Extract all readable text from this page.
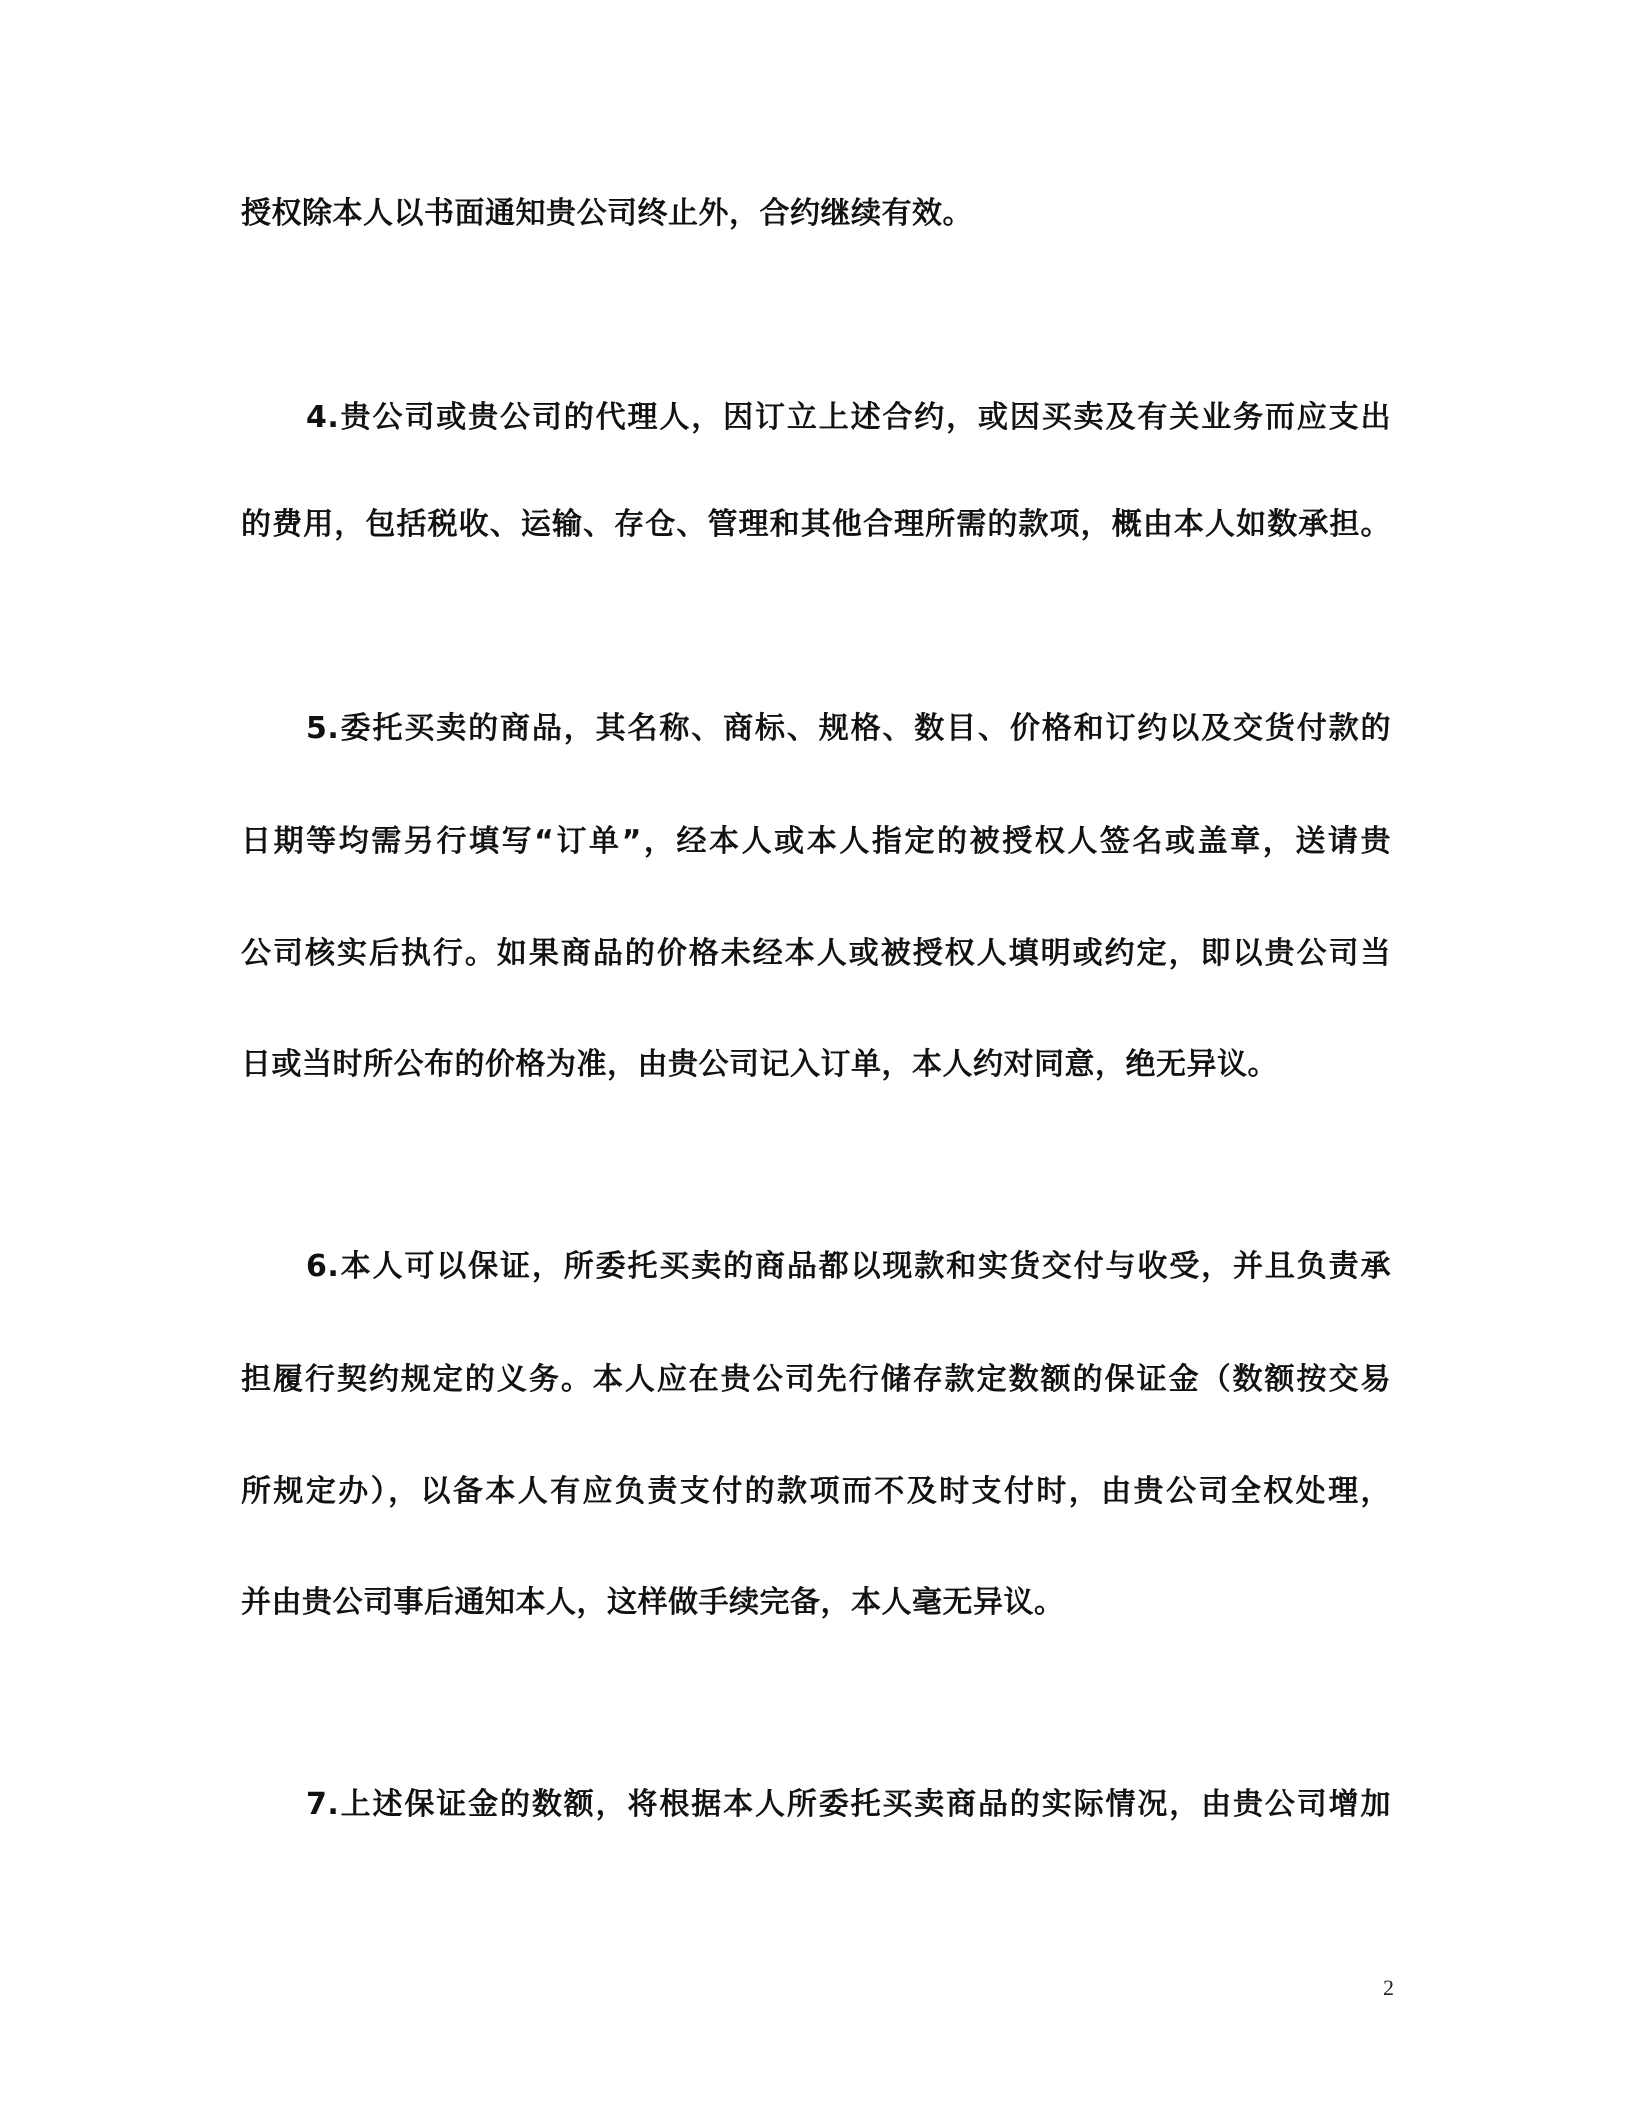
授权除本人以书面通知贵公司终止外，合约继续有效。
4.贵公司或贵公司的代理人，因订立上述合约，或因买卖及有关业务而应支出
的费用，包括税收、运输、存仓、管理和其他合理所需的款项，概由本人如数承担。
5.委托买卖的商品，其名称、商标、规格、数目、价格和订约以及交货付款的
日期等均需另行填写“订单”，经本人或本人指定的被授权人签名或盖章，送请贵
公司核实后执行。如果商品的价格未经本人或被授权人填明或约定，即以贵公司当
日或当时所公布的价格为准，由贵公司记入订单，本人约对同意，绝无异议。
6.本人可以保证，所委托买卖的商品都以现款和实货交付与收受，并且负责承
担履行契约规定的义务。本人应在贵公司先行储存款定数额的保证金（数额按交易
所规定办），以备本人有应负责支付的款项而不及时支付时，由贵公司全权处理，
并由贵公司事后通知本人，这样做手续完备，本人毫无异议。
7.上述保证金的数额，将根据本人所委托买卖商品的实际情况，由贵公司增加
2
